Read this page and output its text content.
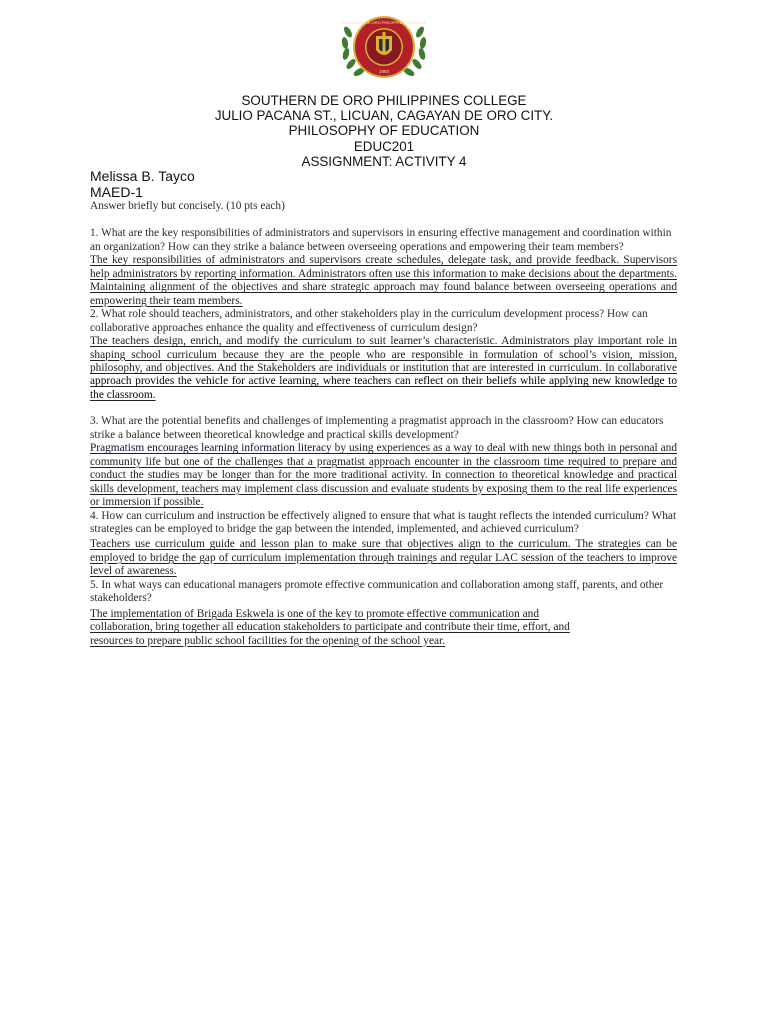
SOUTHERN DE ORO PHILIPPINES COLLEGE
1993
SOUTHERN DE ORO PHILIPPINES COLLEGE
JULIO PACANA ST., LICUAN, CAGAYAN DE ORO CITY.
PHILOSOPHY OF EDUCATION
EDUC201
ASSIGNMENT: ACTIVITY 4
Melissa B. Tayco
MAED-1

Answer briefly but concisely. (10 pts each)

1. What are the key responsibilities of administrators and supervisors in ensuring effective management and coordination within an organization? How can they strike a balance between overseeing operations and empowering their team members?

The key responsibilities of administrators and supervisors create schedules, delegate task, and provide feedback. Supervisors help administrators by reporting information. Administrators often use this information to make decisions about the departments. Maintaining alignment of the objectives and share strategic approach may found balance between overseeing operations and empowering their team members.

2. What role should teachers, administrators, and other stakeholders play in the curriculum development process? How can collaborative approaches enhance the quality and effectiveness of curriculum design?

The teachers design, enrich, and modify the curriculum to suit learner’s characteristic. Administrators play important role in shaping school curriculum because they are the people who are responsible in formulation of school’s vision, mission, philosophy, and objectives. And the Stakeholders are individuals or institution that are interested in curriculum. In collaborative approach provides the vehicle for active learning, where teachers can reflect on their beliefs while applying new knowledge to the classroom.

3. What are the potential benefits and challenges of implementing a pragmatist approach in the classroom? How can educators strike a balance between theoretical knowledge and practical skills development?

Pragmatism encourages learning information literacy by using experiences as a way to deal with new things both in personal and community life but one of the challenges that a pragmatist approach encounter in the classroom time required to prepare and conduct the studies may be longer than for the more traditional activity. In connection to theoretical knowledge and practical skills development, teachers may implement class discussion and evaluate students by exposing them to the real life experiences or immersion if possible.

4. How can curriculum and instruction be effectively aligned to ensure that what is taught reflects the intended curriculum? What strategies can be employed to bridge the gap between the intended, implemented, and achieved curriculum?

Teachers use curriculum guide and lesson plan to make sure that objectives align to the curriculum. The strategies can be employed to bridge the gap of curriculum implementation through trainings and regular LAC session of the teachers to improve level of awareness.

5. In what ways can educational managers promote effective communication and collaboration among staff, parents, and other stakeholders?

The implementation of Brigada Eskwela is one of the key to promote effective communication and
collaboration, bring together all education stakeholders to participate and contribute their time, effort, and
resources to prepare public school facilities for the opening of the school year.
